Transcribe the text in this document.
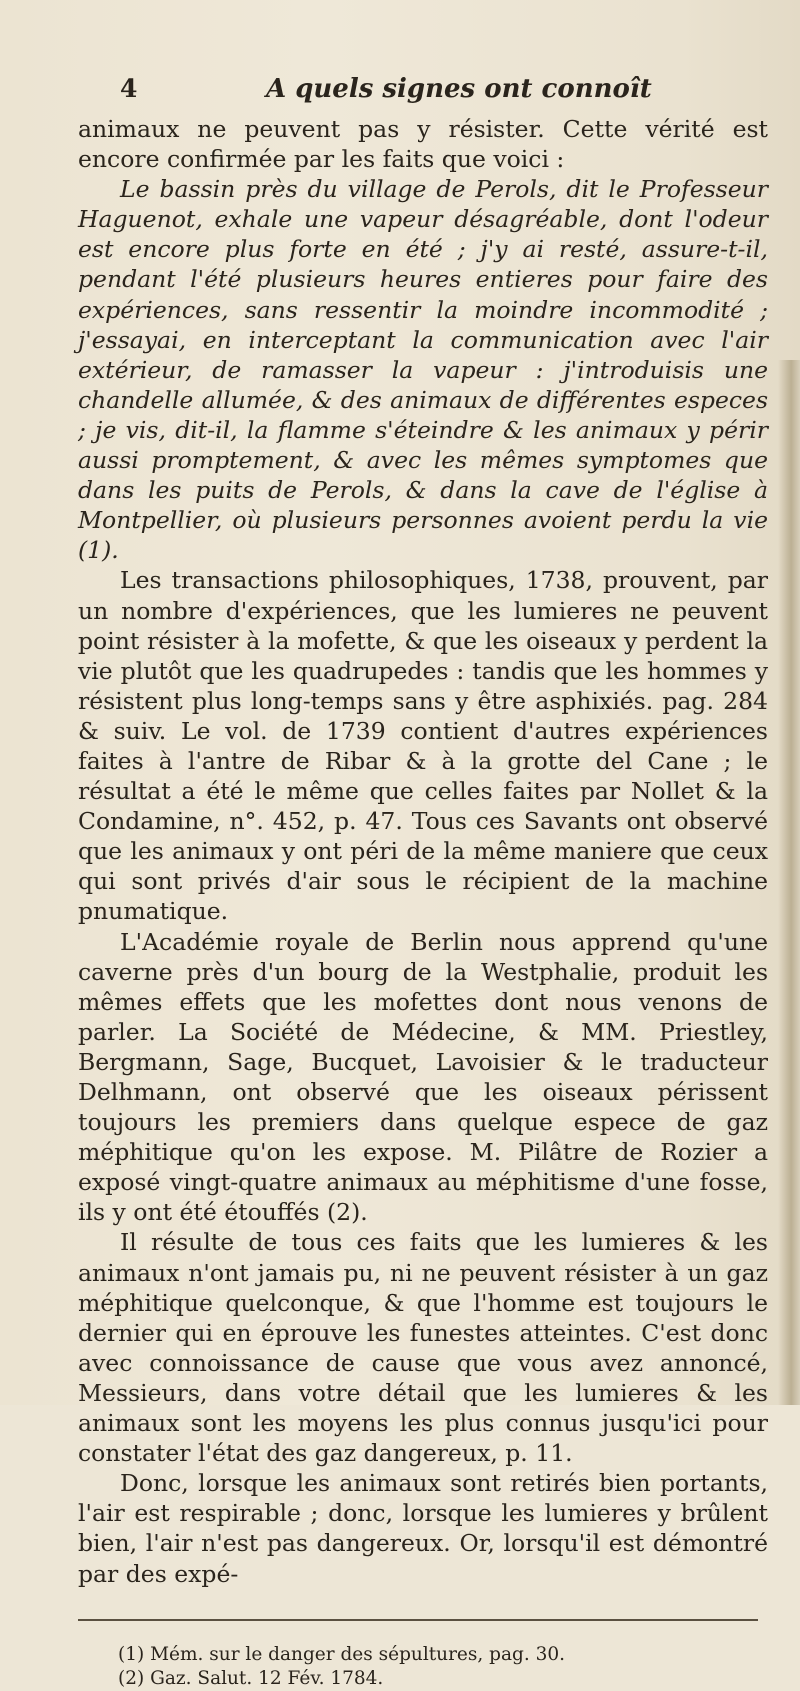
4	A quels signes ont connoît

animaux ne peuvent pas y résister. Cette vérité est encore confirmée par les faits que voici :

Le bassin près du village de Perols, dit le Professeur Haguenot, exhale une vapeur désagréable, dont l'odeur est encore plus forte en été ; j'y ai resté, assure-t-il, pendant l'été plusieurs heures entieres pour faire des expériences, sans ressentir la moindre incommodité ; j'essayai, en interceptant la communication avec l'air extérieur, de ramasser la vapeur : j'introduisis une chandelle allumée, & des animaux de différentes especes ; je vis, dit-il, la flamme s'éteindre & les animaux y périr aussi promptement, & avec les mêmes symptomes que dans les puits de Perols, & dans la cave de l'église à Montpellier, où plusieurs personnes avoient perdu la vie (1).

Les transactions philosophiques, 1738, prouvent, par un nombre d'expériences, que les lumieres ne peuvent point résister à la mofette, & que les oiseaux y perdent la vie plutôt que les quadrupedes : tandis que les hommes y résistent plus long-temps sans y être asphixiés. pag. 284 & suiv. Le vol. de 1739 contient d'autres expériences faites à l'antre de Ribar & à la grotte del Cane ; le résultat a été le même que celles faites par Nollet & la Condamine, n°. 452, p. 47. Tous ces Savants ont observé que les animaux y ont péri de la même maniere que ceux qui sont privés d'air sous le récipient de la machine pnumatique.

L'Académie royale de Berlin nous apprend qu'une caverne près d'un bourg de la Westphalie, produit les mêmes effets que les mofettes dont nous venons de parler. La Société de Médecine, & MM. Priestley, Bergmann, Sage, Bucquet, Lavoisier & le traducteur Delhmann, ont observé que les oiseaux périssent toujours les premiers dans quelque espece de gaz méphitique qu'on les expose. M. Pilâtre de Rozier a exposé vingt-quatre animaux au méphitisme d'une fosse, ils y ont été étouffés (2).

Il résulte de tous ces faits que les lumieres & les animaux n'ont jamais pu, ni ne peuvent résister à un gaz méphitique quelconque, & que l'homme est toujours le dernier qui en éprouve les funestes atteintes. C'est donc avec connoissance de cause que vous avez annoncé, Messieurs, dans votre détail que les lumieres & les animaux sont les moyens les plus connus jusqu'ici pour constater l'état des gaz dangereux, p. 11.

Donc, lorsque les animaux sont retirés bien portants, l'air est respirable ; donc, lorsque les lumieres y brûlent bien, l'air n'est pas dangereux. Or, lorsqu'il est démontré par des expé-

(1) Mém. sur le danger des sépultures, pag. 30.

(2) Gaz. Salut. 12 Fév. 1784.
